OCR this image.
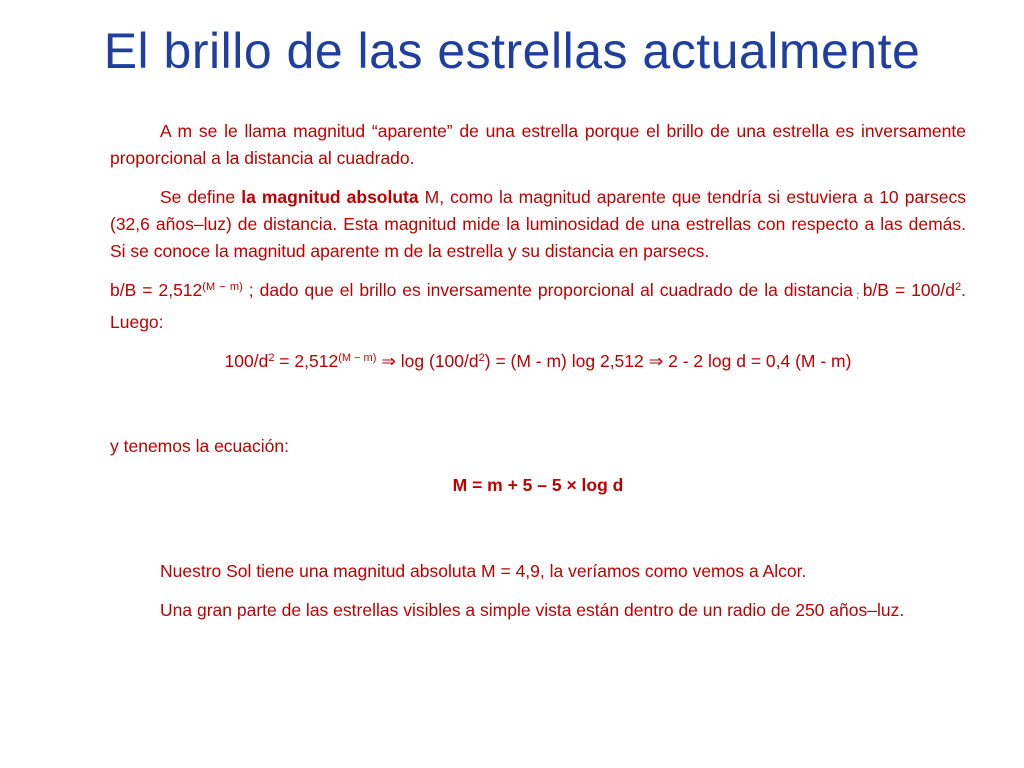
El brillo de las estrellas actualmente

A m se le llama magnitud “aparente” de una estrella porque el brillo de una estrella es inversamente proporcional a la distancia al cuadrado.

Se define la magnitud absoluta M, como la magnitud aparente que tendría si estuviera a 10 parsecs (32,6 años–luz) de distancia. Esta magnitud mide la luminosidad de una estrellas con respecto a las demás. Si se conoce la magnitud aparente m de la estrella y su distancia en parsecs.

$b/B = 2,512^{(M - m)}$ ; dado que el brillo es inversamente proporcional al cuadrado de la distancia ; $b/B = 100/d^2$. Luego:

$100/d^2 = 2,512^{(M - m)}$ ⇒ $\log (100/d^2) = (M - m)$ log 2,512 ⇒ 2 - 2 log d = 0,4 (M - m)

y tenemos la ecuación:

M = m + 5 – 5 × log d

Nuestro Sol tiene una magnitud absoluta M = 4,9, la veríamos como vemos a Alcor.

Una gran parte de las estrellas visibles a simple vista están dentro de un radio de 250 años–luz.
